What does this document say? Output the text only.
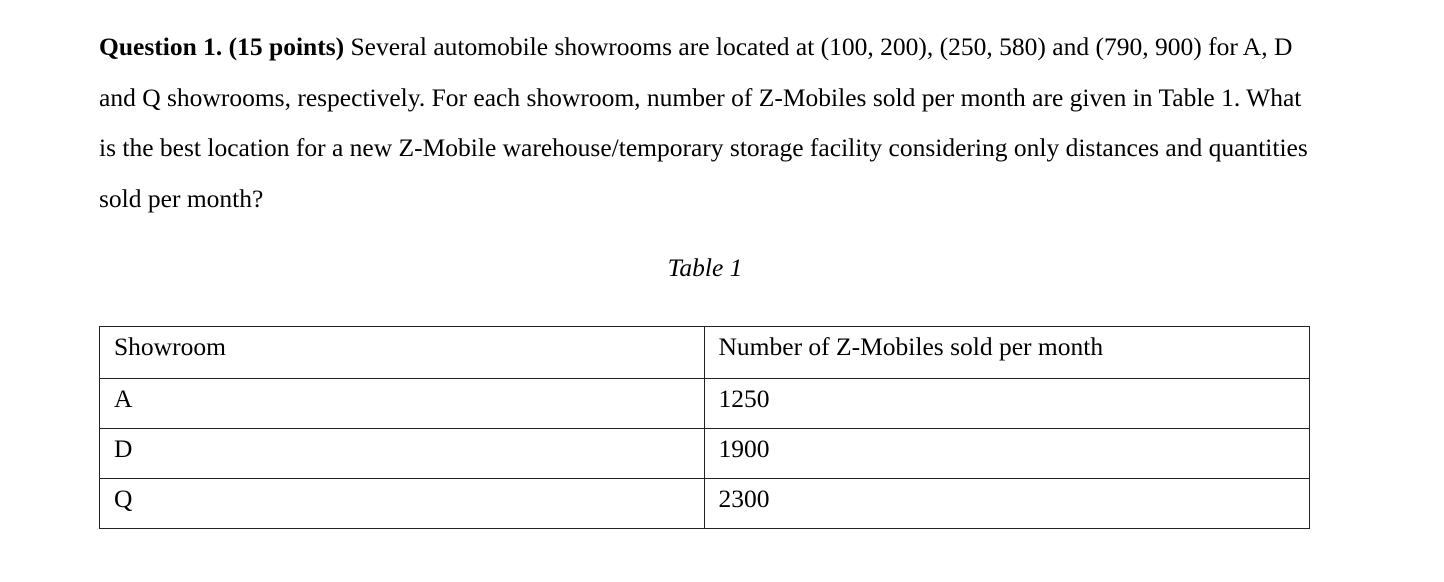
Question 1. (15 points) Several automobile showrooms are located at (100, 200), (250, 580) and (790, 900) for A, D and Q showrooms, respectively. For each showroom, number of Z-Mobiles sold per month are given in Table 1. What is the best location for a new Z-Mobile warehouse/temporary storage facility considering only distances and quantities sold per month?

Table 1
Showroom	Number of Z-Mobiles sold per month
A	1250
D	1900
Q	2300
